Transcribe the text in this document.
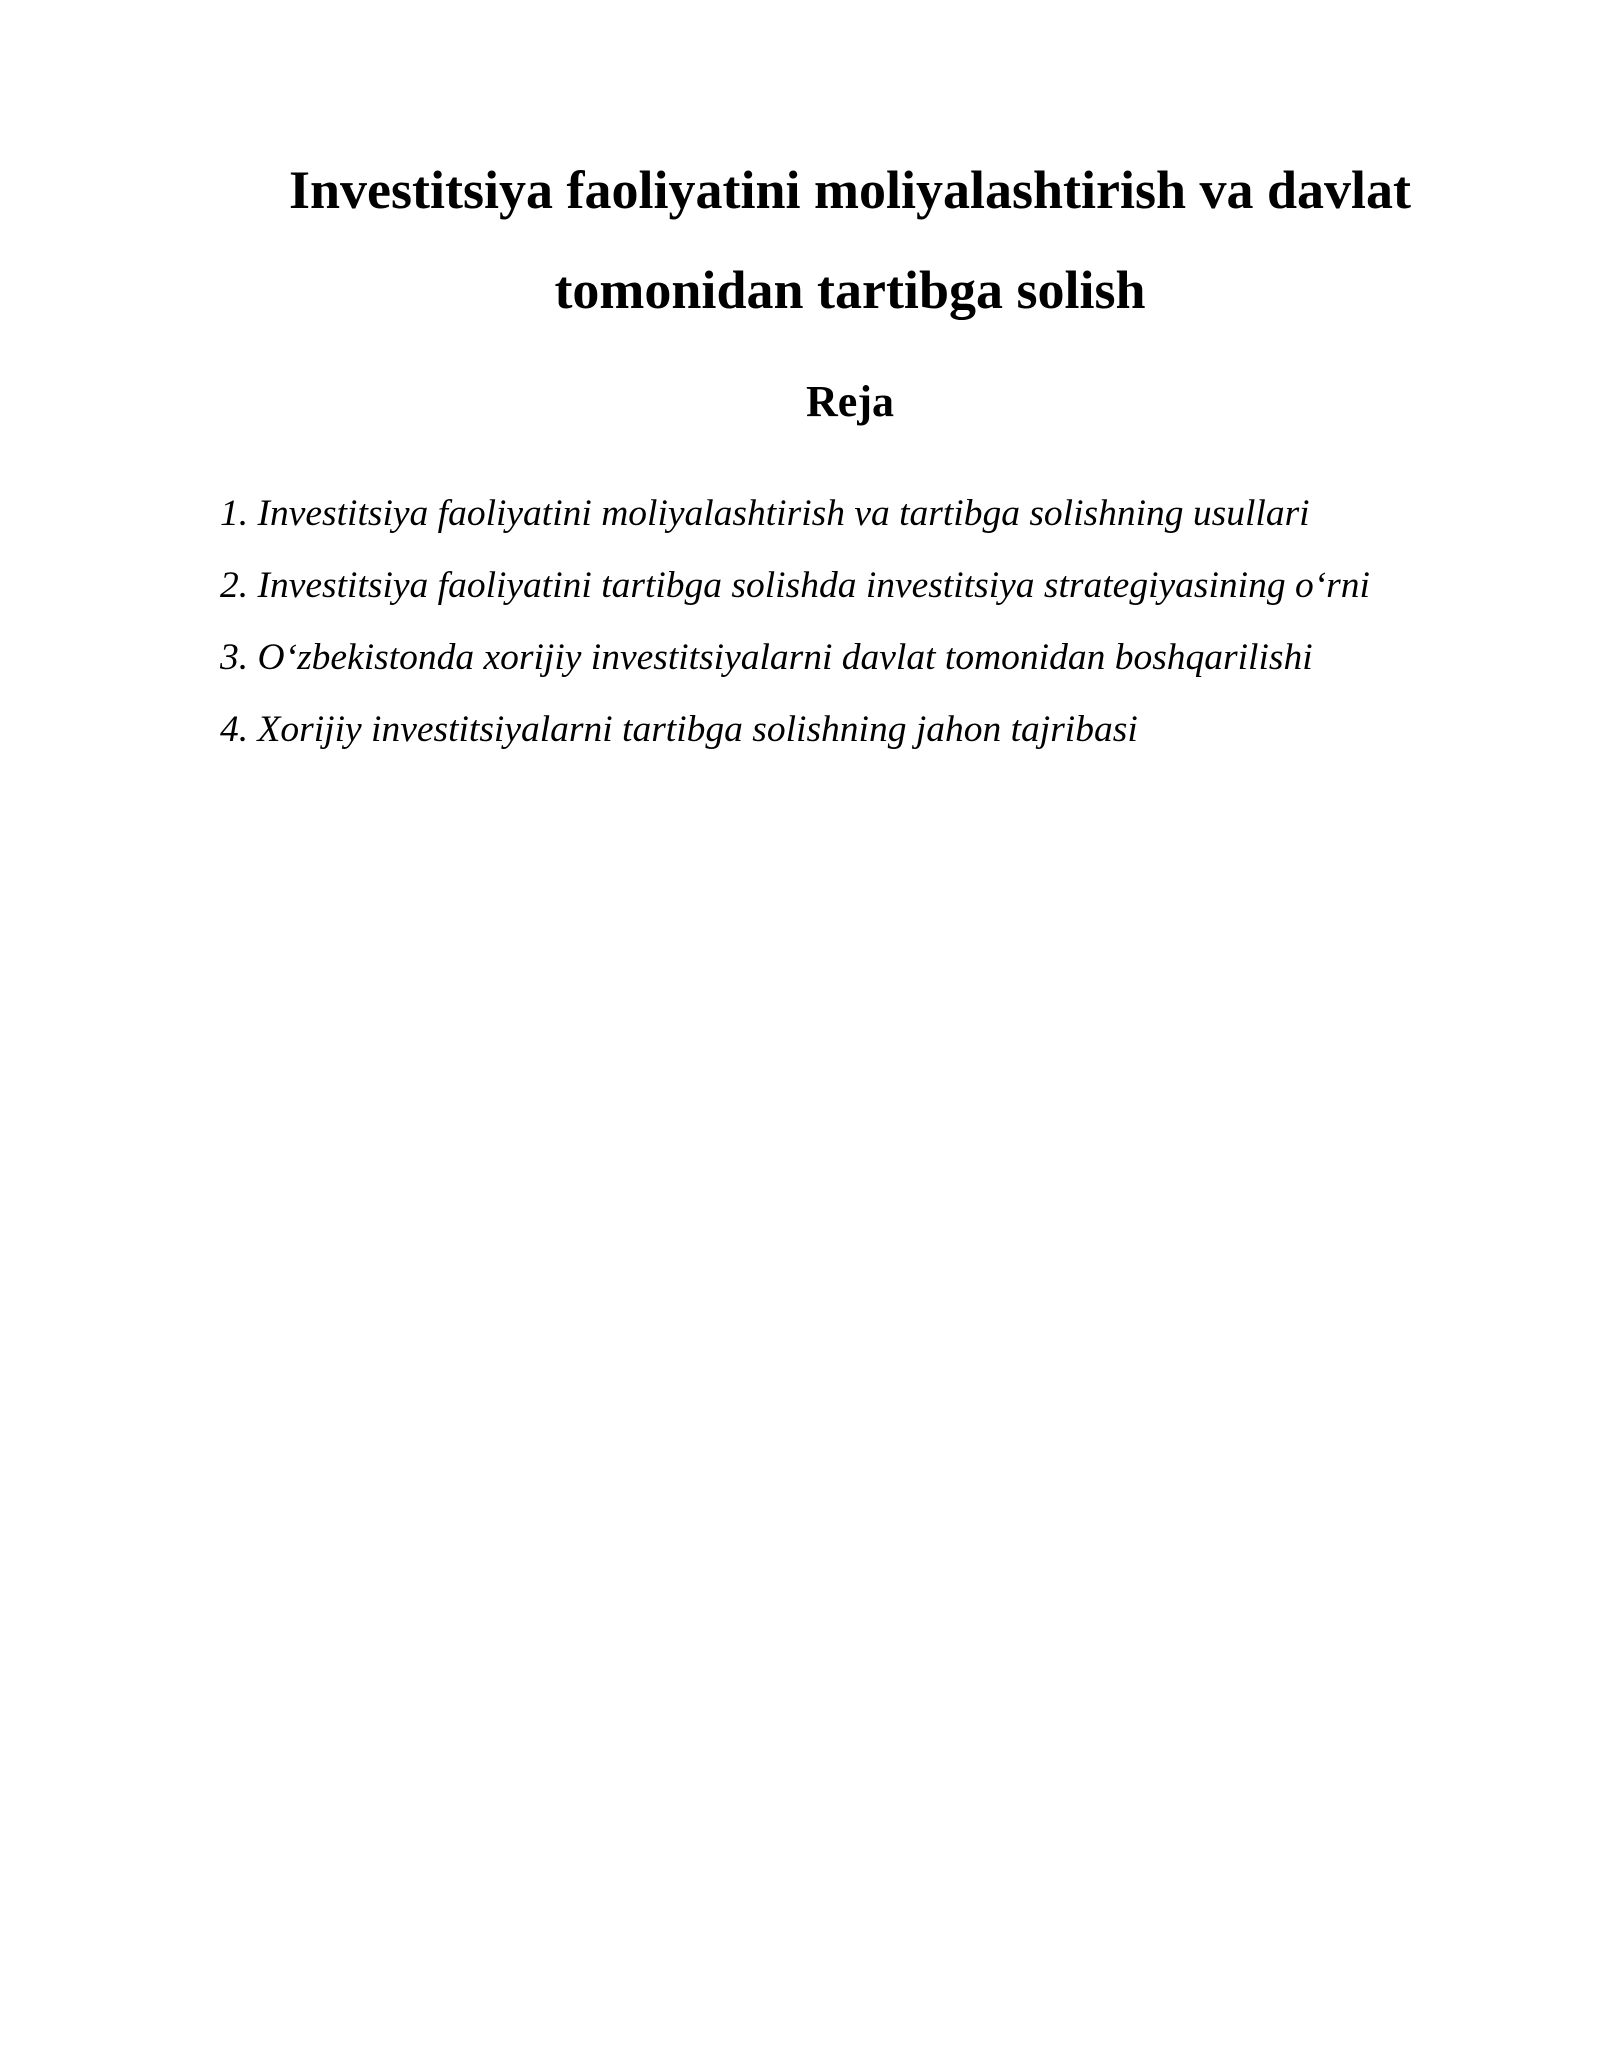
Investitsiya faoliyatini moliyalashtirish va davlat tomonidan tartibga solish
Reja
1. Investitsiya faoliyatini moliyalashtirish va tartibga solishning usullari
2. Investitsiya faoliyatini tartibga solishda investitsiya strategiyasining o‘rni
3. O‘zbekistonda xorijiy investitsiyalarni davlat tomonidan boshqarilishi
4. Xorijiy investitsiyalarni tartibga solishning jahon tajribasi
